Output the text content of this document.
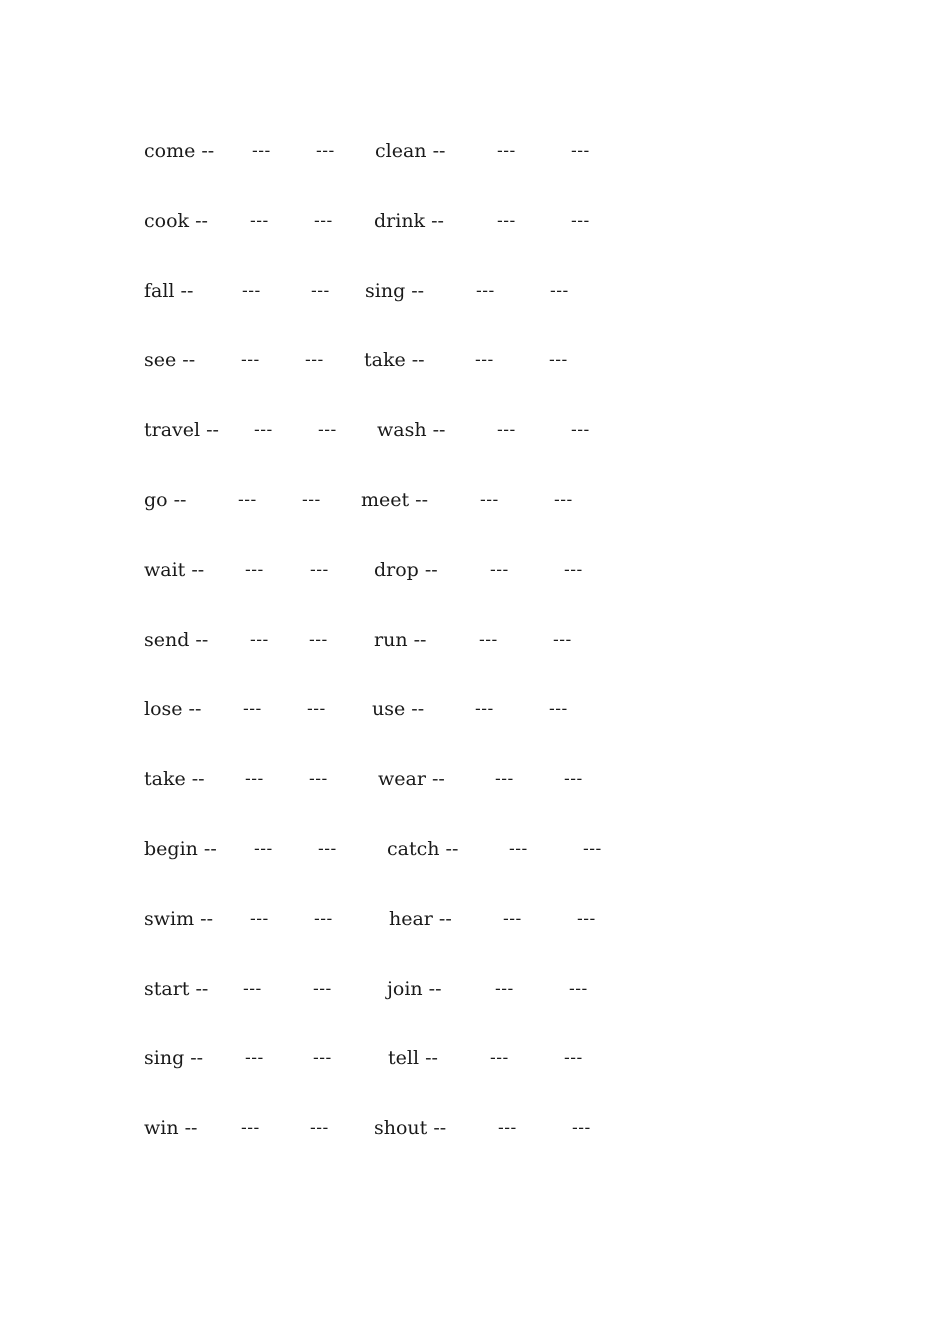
come -- ---	--- clean --	---	---
cook -- ---	--- drink --	---	---
fall --	---	--- sing --	---	---
see --	---	--- take --	---	---
travel -- ---	--- wash --	---	---
go --	---	--- meet --	---	---
wait -- ---	--- drop --	---	---
send -- --- --- run --	---	---
lose -- ---	--- use --	---	---
take -- ---	---	wear --	---	---
begin -- ---	---	catch --	---	---
swim -- ---	---	hear --	---	---
start -- ---	---	join --	---	---
sing -- ---	---	tell --	---	---
win --	---	--- shout --	---	---
